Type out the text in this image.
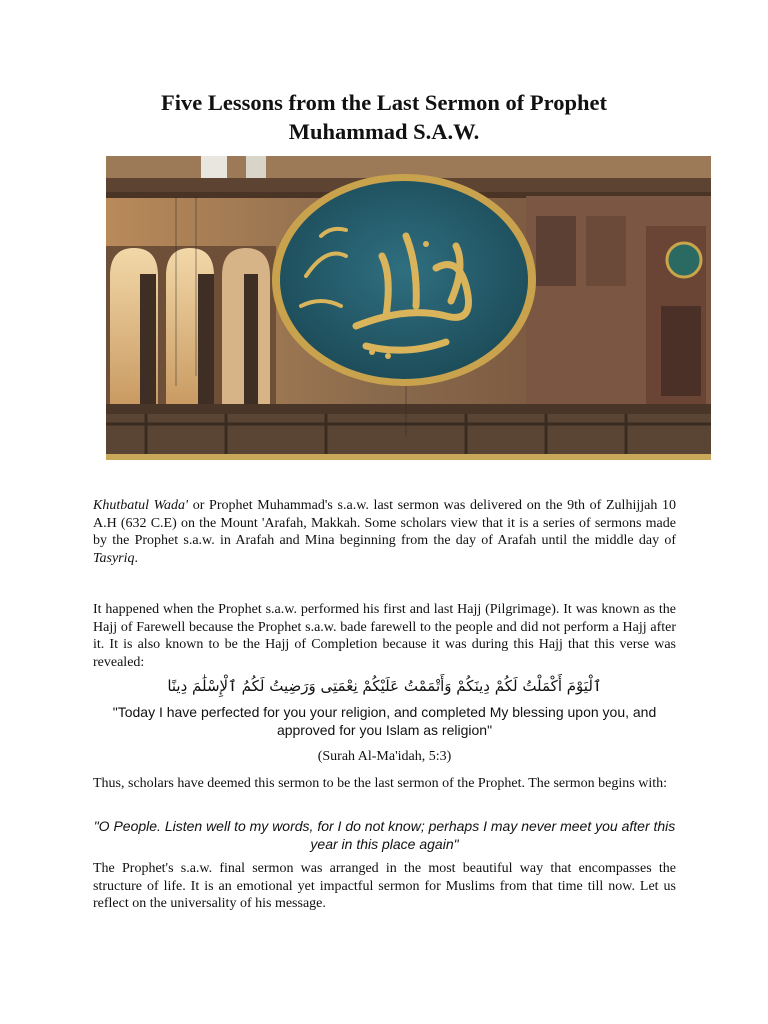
Five Lessons from the Last Sermon of Prophet
Muhammad S.A.W.

Khutbatul Wada' or Prophet Muhammad's s.a.w. last sermon was delivered on the 9th of Zulhijjah 10 A.H (632 C.E) on the Mount 'Arafah, Makkah. Some scholars view that it is a series of sermons made by the Prophet s.a.w. in Arafah and Mina beginning from the day of Arafah until the middle day of Tasyriq.

It happened when the Prophet s.a.w. performed his first and last Hajj (Pilgrimage). It was known as the Hajj of Farewell because the Prophet s.a.w. bade farewell to the people and did not perform a Hajj after it. It is also known to be the Hajj of Completion because it was during this Hajj that this verse was revealed:

ٱلْيَوْمَ أَكْمَلْتُ لَكُمْ دِينَكُمْ وَأَتْمَمْتُ عَلَيْكُمْ نِعْمَتِى وَرَضِيتُ لَكُمُ ٱلْإِسْلَٰمَ دِينًا

"Today I have perfected for you your religion, and completed My blessing upon you, and approved for you Islam as religion"

(Surah Al-Ma'idah, 5:3)

Thus, scholars have deemed this sermon to be the last sermon of the Prophet. The sermon begins with:

"O People. Listen well to my words, for I do not know; perhaps I may never meet you after this year in this place again"

The Prophet's s.a.w. final sermon was arranged in the most beautiful way that encompasses the structure of life. It is an emotional yet impactful sermon for Muslims from that time till now. Let us reflect on the universality of his message.
